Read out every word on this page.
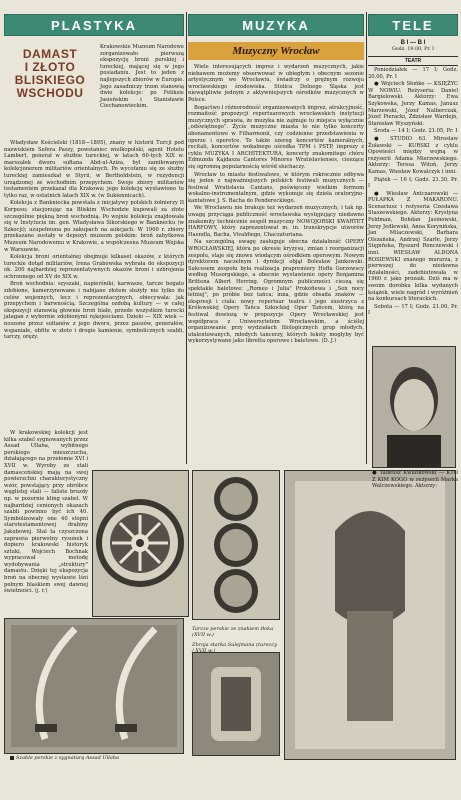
PLASTYKA
DAMAST
I ZŁOTO
BLISKIEGO
WSCHODU
Krakowskie Muzeum Narodowe zorganizowało pierwszą ekspozycję broni perskiej i tureckiej, mającej się w jego posiadaniu. Jest to jeden z najlepszych zbiorów w Europie. Jego zasadniczy trzon stanowią dwie kolekcje: po Feliksie Jasieńskim i Stanisławie Ciechanowieckim.

Władysław Kościelski (1818—1895), znany w historii Turcji pod nazwiskiem Sefera Paszy, powstaniec wielkopolski, agent Hotelu Lambert, generał w służbie tureckiej, w latach 60-tych XIX w. marszałek dworu sułtana Abd-ul-Aziza, był zamiłowanym kolekcjonerem militariów orientalnych. Po wycofaniu się ze służby tureckiej zamieszkał w Styrii, w Bertholdstein, w rezydencji urządzonej ze wschodnim przepychem. Swoje zbiory militariów testamentem przekazał dla Krakowa; jego kolekcję wystawiono tu tylko raz, w ostatnich latach XIX w. (w Sukiennicach).

Kolekcja z Bankniecka powstała z inicjatywy polskich żołnierzy II Korpusu; stacjonując na Bliskim Wschodzie kupowali za złote szczególnie piękną broń wschodnią. Po wojnie kolekcja znajdowała się w Instytucie im. gen. Władysława Sikorskiego w Banknecku (w Szkocji); uzupełniona po zakupach na aukcjach. W 1960 r. zbiory przekazane zostały w depozyt muzeom polskim: broń zabytkowa Muzeum Narodowemu w Krakowie, a współczesna Muzeum Wojska w Warszawie.

Kolekcja broni orientalnej obejmuje kilkaset okazów, z których tureckie dotąd militariów, Irena Grabowska wybrała do ekspozycji ok. 200 najbardziej reprezentatywnych okazów broni i uzbrojenia ochronnego od XV do XIX w.

Broń wschodnia: szyszaki, napierśniki, karwasze, tarcze bogato zdobione, kamerzynowane i nabijane złotem służyły nie tylko do celów wojennych, lecz i reprezentacyjnych, obiecywała: jak przepychem i barwnością. Szczególna ozdobą kultury — w całej ekspozycji stanowią głownie broń białe, przede wszystkim turecki jatagan z wybornie zdobionymi rękojeściami. Dzieło — XIX wiek — noszone przez sułtanów z jego dworu, przez paszów, generałów, wspaniałe, obfite w złoto i drogie kamienie, symbolicznych szabli, tarczy, oręży.

W krakowskiej kolekcji jest kilka szabel sygnowanych przez Assad Ullaha, wybitnego perskiego mieszczucha, działającego na przełomie XVI i XVII w. Wyroby ze stali damasceńskiej mają na swej powierzchni charakterystyczny wzór, powstający przy obróbce węglistej stali — faliste bruzdy np. w pozornie kling szabel. W najbardziej cenionych okazach szabli powinno być ich 40. Symbolizowały one 40 stopni starotestamentowej drabiny Jakubowej. Stal ta czyszczona zaprawia pierwotny rysunek i dopiero krakowski historyk sztuki, Wojciech Bochnak wypracował metodę wydobywania „struktury" damastu. Dzięki tej ekspozycja broń na obecnej wystawie lśni pełnym blaskiem swej dawnej świetności. (j. r.)
Szable perskie z sygnaturą Assad Ullaha
MUZYKA
Muzyczny Wrocław

Wiele interesujących imprez i wydarzeń muzycznych, jakie niebawem możemy obserwować w ubiegłym i obecnym sezonie artystycznym we Wrocławiu, świadczy o prężnym rozwoju wrocławskiego środowiska. Stolica Dolnego Śląska jest niewątpliwie jednym z aktywniejszych ośrodków muzycznych w Polsce.

Bogactwo i różnorodność organizowanych imprez, atrakcyjność, rozmaitość propozycji repertuarowych wrocławskich instytucji muzycznych sprawia, że muzyka nie zajmuje tu miejsca wyłącznie „odświętnego”. Życie muzyczne miasta to nie tylko koncerty abonamentowe w Filharmonii, czy codzienne przedstawienia w operze i operetce. To także szereg koncertów kameralnych, recitali, koncertów wokalnego ośrodka TPM i PSTP, imprezy z cyklu MUZYKA I ARCHITEKTURA, koncerty znakomitego chóru Edmunda Kajdasza Cantores Minores Wratislavienses, cieszące się ogromną popularnością wśród słuchaczy.

Wrocław to miasto festiwalowe, w którym rokrocznie odbywa się jeden z najważniejszych polskich festiwali muzycznych — festiwal Wratislavia Cantans, poświęcony wielkim formom wokalno-instrumentalnym, gdzie wykonuje się dzieła oratoryjno-kantatowe J. S. Bacha do Pendereckiego.

We Wrocławiu nie brakuje też wydarzeń muzycznych, i tak np. uwagę przyciąga publiczność wrocławska występujący niedawno znakomity technicznie zespół muzyczny NOWOJORSKI KWARTET HARFOWY, który zaprezentował m. in. transkrypcje utworów Haendla, Bacha, Vivaldiego, Chaczaturiana.

Na szczególną uwagę zasługuje obecna działalność OPERY WROCŁAWSKIEJ, która po okresie kryzysu, zmian i reorganizacji zespołu, staje się znowu wiodącym ośrodkiem operowym. Nowym dyrektorem naczelnym i dyrekcji objął Bolesław Jankowski. Sukcesem zespołu była realizacja prapremiery Hoffa Gorzowscy według Musorgskiego, a obecnie wystawienie opery Benjamina Brittena Albert Herring. Ogromnym publiczności cieszą się spektakle baletowe: „Romeo i Julia" Prokofiewa i „Sen nocy letniej", po próbie bez tańca; inna, gdzie obsada znaków — ekspresji i ciała: nowy repertuar teatru i jego siostrzyca z Królewskiej Opery Tańca Szkockiej Oper Tańcem, którą na festiwal dowiozą w propozycje Opery Wrocławskiej jest współpraca z Uniwersytetem Wrocławskim, a ściślej organizowanie przy wydziałach filologicznych grup młodych, utalentowanych, młodych tancerzy, których teksty mogłyby być wykorzystywane jako libretta operowe i baletowe. (D. J.)

Tarcze perskie ze znakiem tłoka (XVII w.)
Zbroja starka Sulejmana (tureccy / XVII w.)
TELE
B I — B I
Godz. 19.00, Pr. I
TEATR

Poniedziałek — 17 I; Godz. 20.00, Pr. I

● Wojciech Słońko — KSIĘŻYC W NOWIU. Reżyseria: Daniel Bargielowski. Aktorzy: Ewa Szykowska, Jerzy Kamas, Janusz Marzewski, Józef Nalberczak, Józef Pieracki, Zdzisław Wardejn, Stanisław Wyszyński.

Środa — 14 I; Godz. 21.05, Pr. I

● STUDIO 63. Miroslaw Żuławski — KURSKI z cyklu Opowieści między wojną w reżyserii Adama Mierzewskiego. Aktorzy: Teresa Witoń, Jerzy Kamas, Wiesław Kowalczyk i inni.

Piątek — 16 I; Godz. 21.30, Pr. I

● Wiesław Antczarowski — PUŁAPKA Z MAKARONU. Scenariusz i reżyseria Czesława Staszewskiego. Aktorzy: Krystyna Feldman, Bohdan Jasinowski, Jerzy Jedlewski, Anna Korynińska, Jan Milaczewski, Barbara Olszańska, Andrzej Szarłe, Jerzy Stępińska, Ryszard Ronczewski i inni. WIESŁAW ALDONA ROSIEWSKI znanego murarza, z pierwszej do niedawna działalności, zadebiutowała w 1960 r. jako prozaik. Dziś ma w swoim dorobku kilka wydanych książek, wiele nagród i wyróżnień na konkursach literackich.

Sobota — 17 I; Godz. 21.00, Pr. I

● Tadeusz Kwiatkowski — KTO Z KIM KOGO w reżyserii Marka Walczewskiego. Aktorzy:
